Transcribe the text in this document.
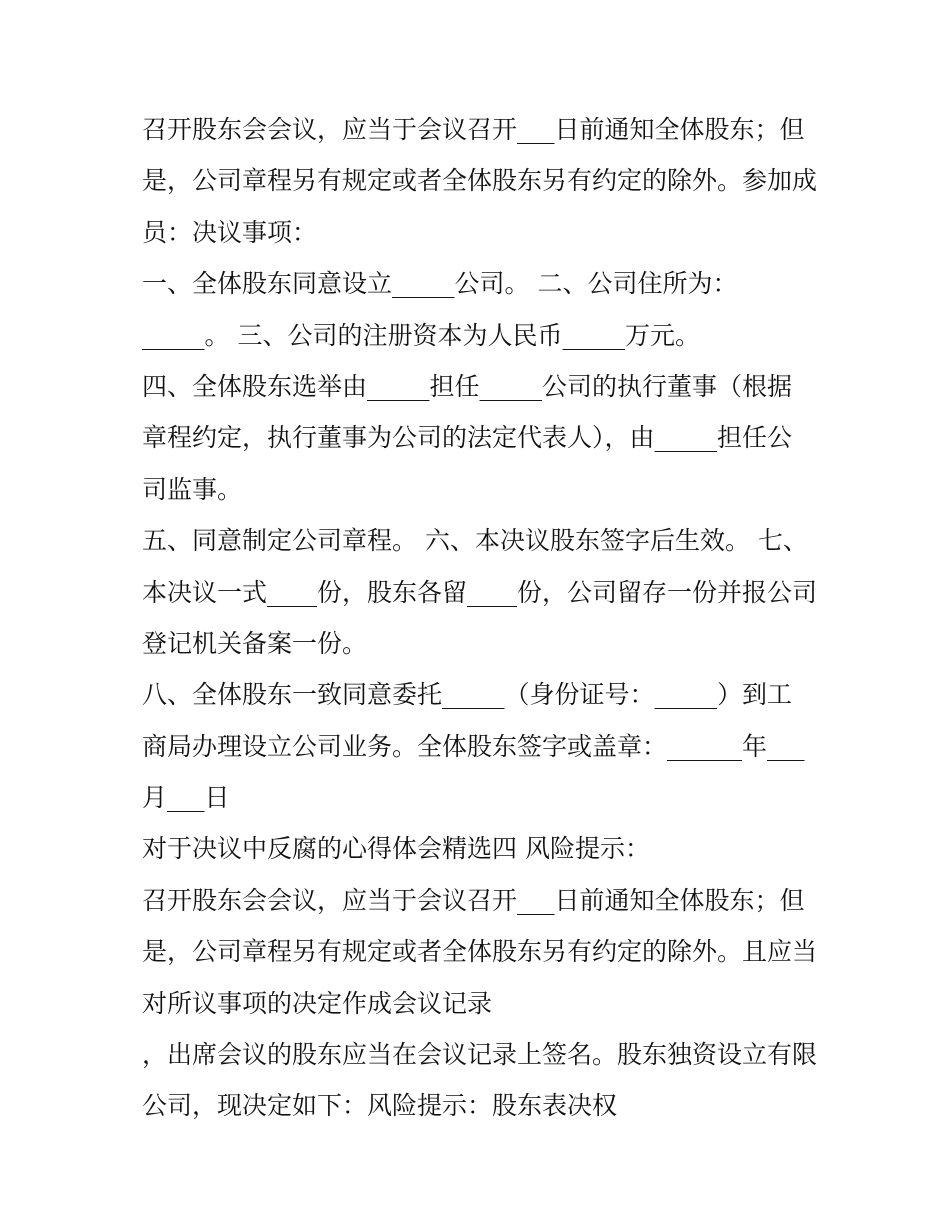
召开股东会会议，应当于会议召开___日前通知全体股东；但

是，公司章程另有规定或者全体股东另有约定的除外。参加成

员：决议事项：

一、全体股东同意设立_____公司。 二、公司住所为：

_____。 三、公司的注册资本为人民币_____万元。

四、全体股东选举由_____担任_____公司的执行董事（根据

章程约定，执行董事为公司的法定代表人），由_____担任公

司监事。

五、同意制定公司章程。 六、本决议股东签字后生效。 七、

本决议一式____份，股东各留____份，公司留存一份并报公司

登记机关备案一份。

八、全体股东一致同意委托_____（身份证号：_____）到工

商局办理设立公司业务。全体股东签字或盖章：______年___

月___日

对于决议中反腐的心得体会精选四 风险提示：

召开股东会会议，应当于会议召开___日前通知全体股东；但

是，公司章程另有规定或者全体股东另有约定的除外。且应当

对所议事项的决定作成会议记录

，出席会议的股东应当在会议记录上签名。股东独资设立有限

公司，现决定如下：风险提示：股东表决权
